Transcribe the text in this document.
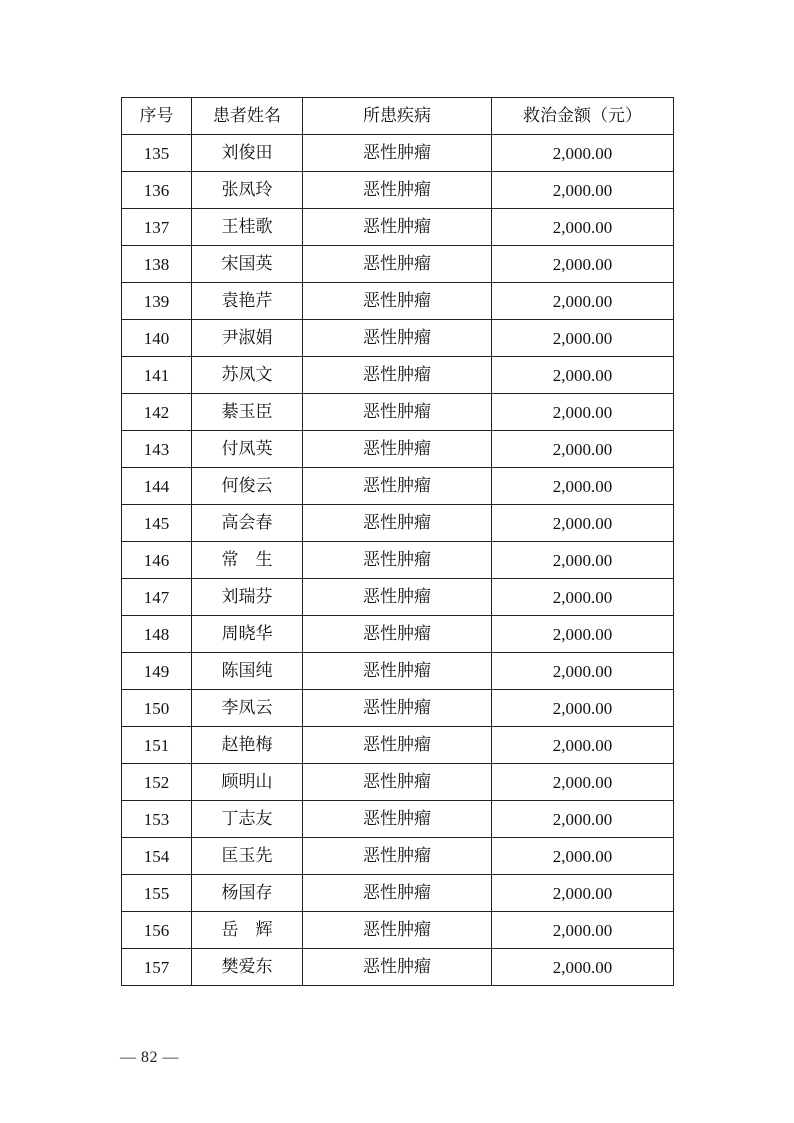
序号	患者姓名	所患疾病	救治金额（元）
135	刘俊田	恶性肿瘤	2,000.00
136	张凤玲	恶性肿瘤	2,000.00
137	王桂歌	恶性肿瘤	2,000.00
138	宋国英	恶性肿瘤	2,000.00
139	袁艳芹	恶性肿瘤	2,000.00
140	尹淑娟	恶性肿瘤	2,000.00
141	苏凤文	恶性肿瘤	2,000.00
142	綦玉臣	恶性肿瘤	2,000.00
143	付凤英	恶性肿瘤	2,000.00
144	何俊云	恶性肿瘤	2,000.00
145	高会春	恶性肿瘤	2,000.00
146	常　生	恶性肿瘤	2,000.00
147	刘瑞芬	恶性肿瘤	2,000.00
148	周晓华	恶性肿瘤	2,000.00
149	陈国纯	恶性肿瘤	2,000.00
150	李凤云	恶性肿瘤	2,000.00
151	赵艳梅	恶性肿瘤	2,000.00
152	顾明山	恶性肿瘤	2,000.00
153	丁志友	恶性肿瘤	2,000.00
154	匡玉先	恶性肿瘤	2,000.00
155	杨国存	恶性肿瘤	2,000.00
156	岳　辉	恶性肿瘤	2,000.00
157	樊爱东	恶性肿瘤	2,000.00
— 82 —
